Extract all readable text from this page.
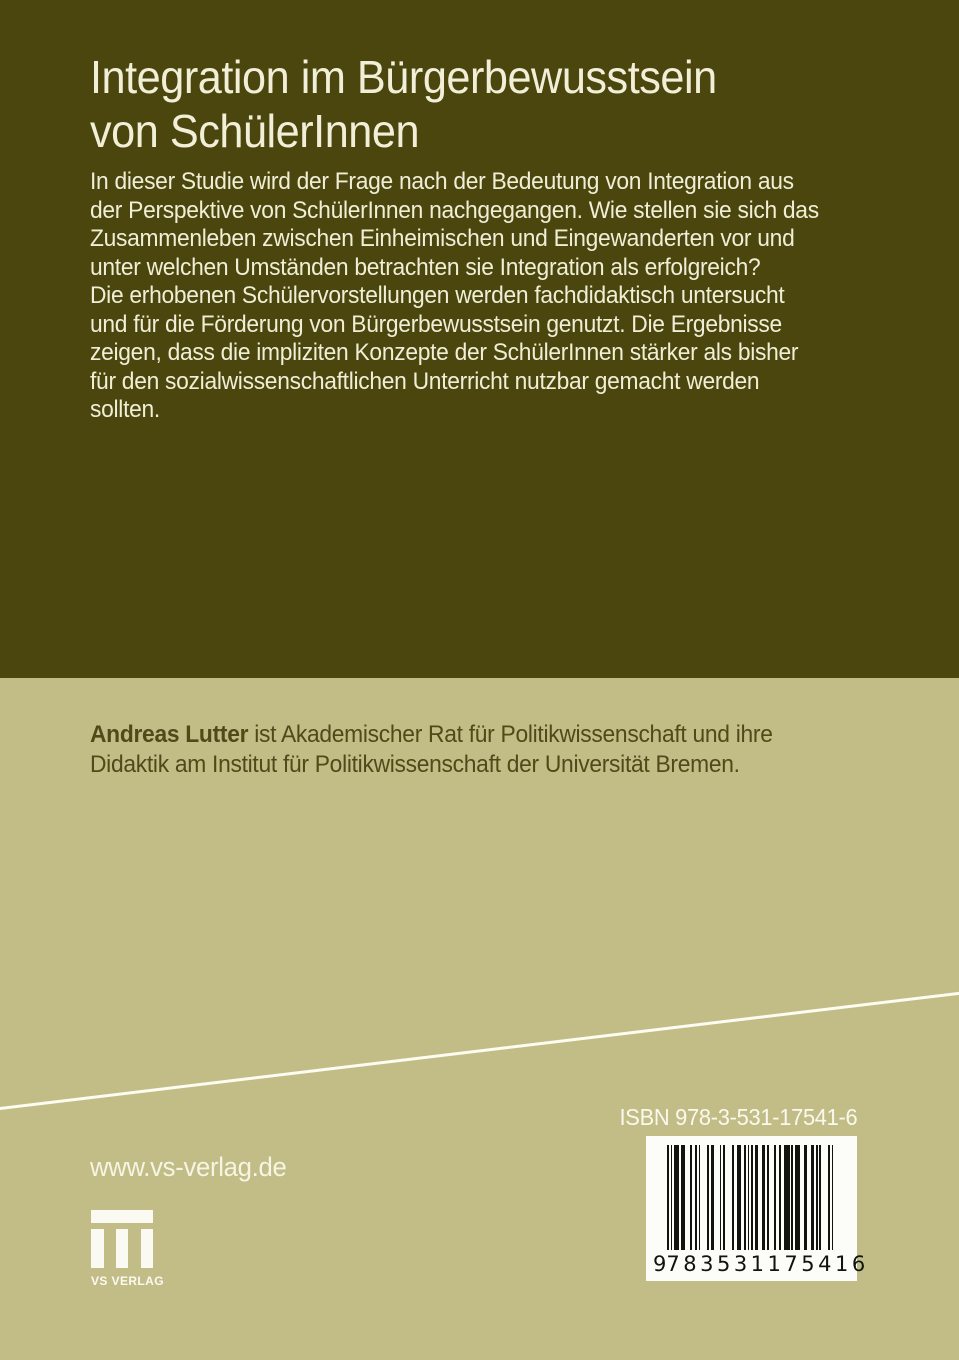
Integration im Bürgerbewusstsein
von SchülerInnen
In dieser Studie wird der Frage nach der Bedeutung von Integration aus
der Perspektive von SchülerInnen nachgegangen. Wie stellen sie sich das
Zusammenleben zwischen Einheimischen und Eingewanderten vor und
unter welchen Umständen betrachten sie Integration als erfolgreich?
Die erhobenen Schülervorstellungen werden fachdidaktisch untersucht
und für die Förderung von Bürgerbewusstsein genutzt. Die Ergebnisse
zeigen, dass die impliziten Konzepte der SchülerInnen stärker als bisher
für den sozialwissenschaftlichen Unterricht nutzbar gemacht werden
sollten.
Andreas Lutter ist Akademischer Rat für Politikwissenschaft und ihre
Didaktik am Institut für Politikwissenschaft der Universität Bremen.
ISBN 978-3-531-17541-6
9 783531 175416
www.vs-verlag.de
VS VERLAG
